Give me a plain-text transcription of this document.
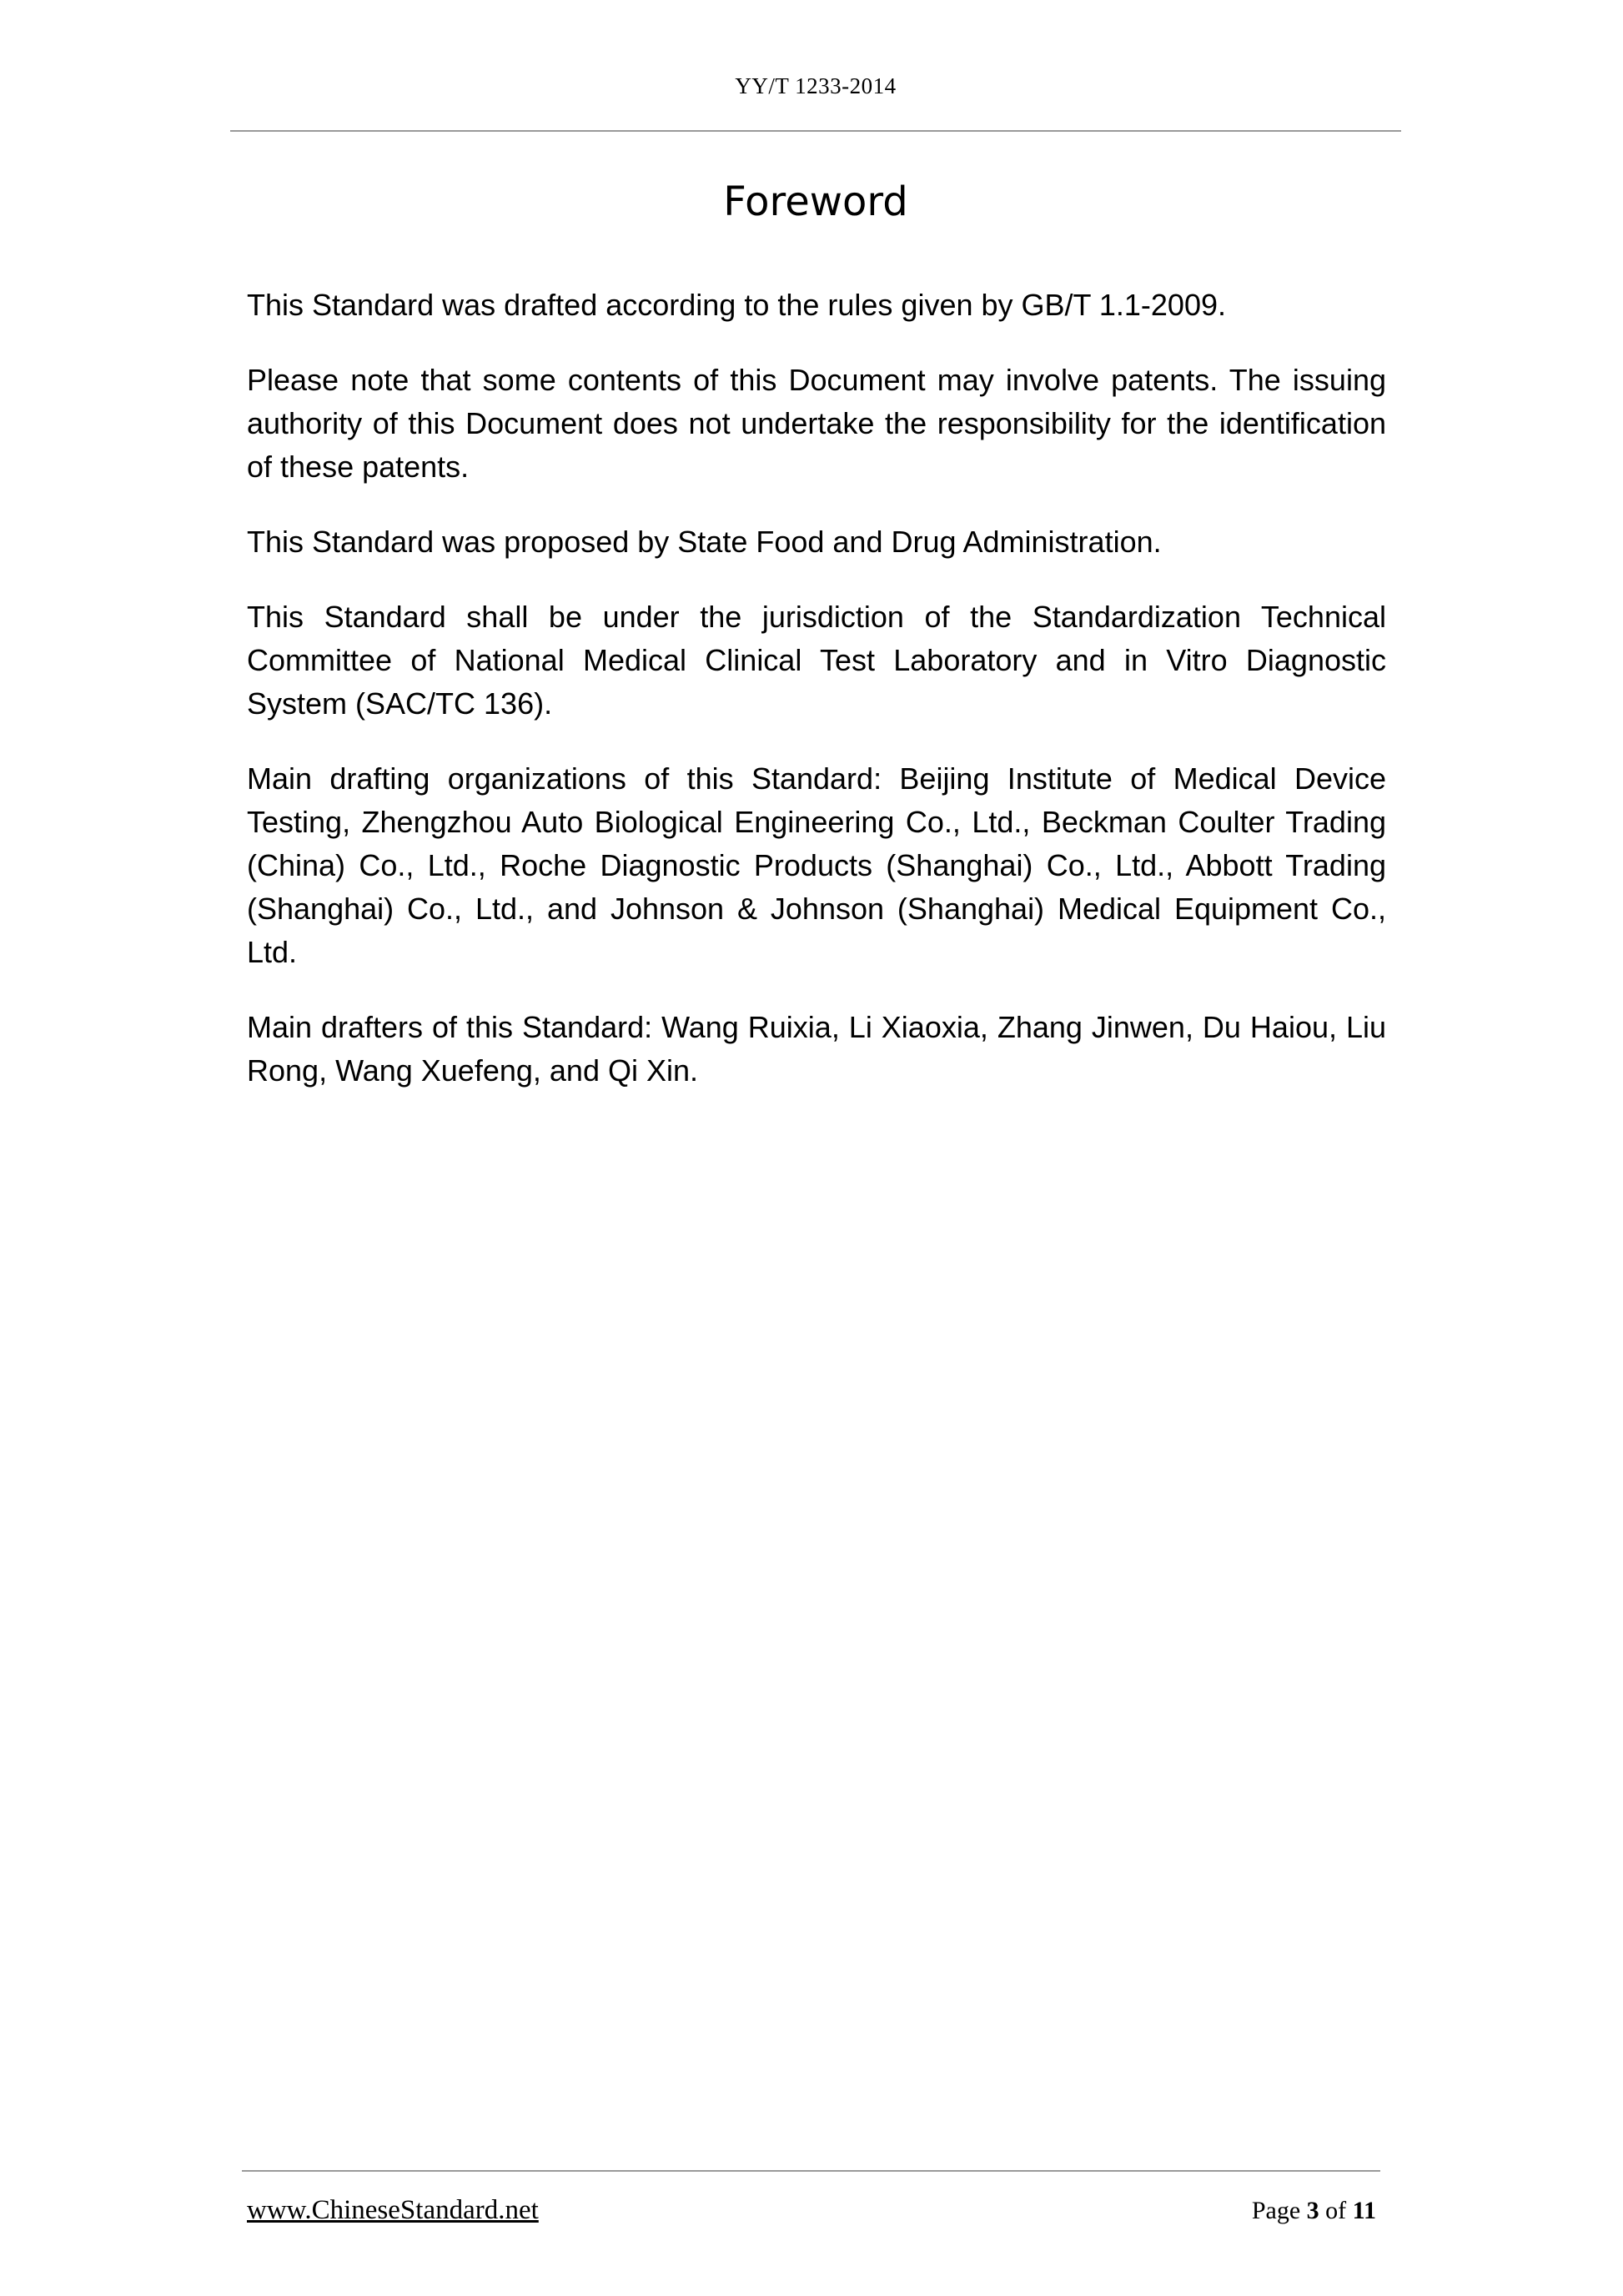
YY/T 1233-2014
Foreword

This Standard was drafted according to the rules given by GB/T 1.1-2009.

Please note that some contents of this Document may involve patents. The issuing authority of this Document does not undertake the responsibility for the identification of these patents.

This Standard was proposed by State Food and Drug Administration.

This Standard shall be under the jurisdiction of the Standardization Technical Committee of National Medical Clinical Test Laboratory and in Vitro Diagnostic System (SAC/TC 136).

Main drafting organizations of this Standard: Beijing Institute of Medical Device Testing, Zhengzhou Auto Biological Engineering Co., Ltd., Beckman Coulter Trading (China) Co., Ltd., Roche Diagnostic Products (Shanghai) Co., Ltd., Abbott Trading (Shanghai) Co., Ltd., and Johnson & Johnson (Shanghai) Medical Equipment Co., Ltd.

Main drafters of this Standard: Wang Ruixia, Li Xiaoxia, Zhang Jinwen, Du Haiou, Liu Rong, Wang Xuefeng, and Qi Xin.

www.ChineseStandard.net	Page 3 of 11
